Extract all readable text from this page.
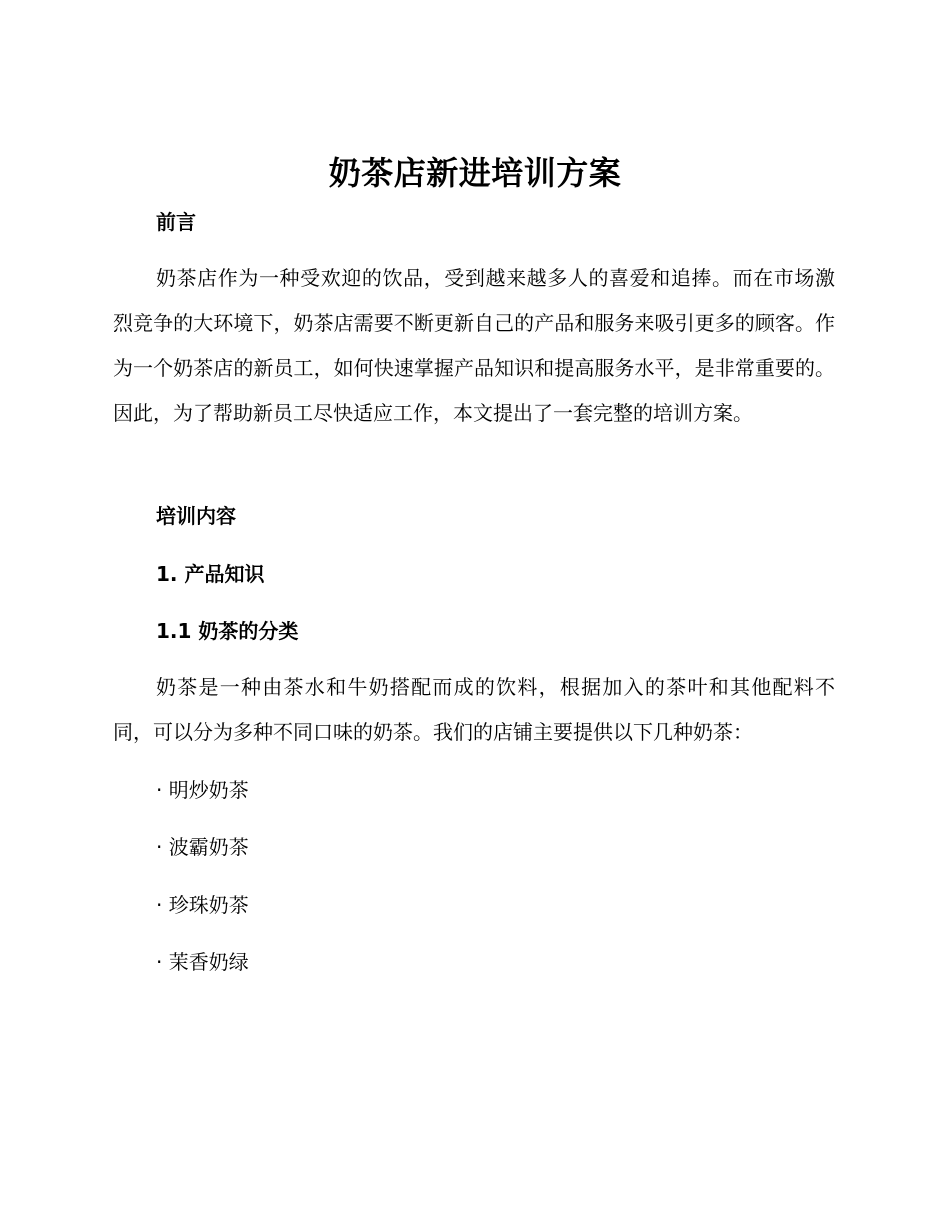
奶茶店新进培训方案
前言

奶茶店作为一种受欢迎的饮品，受到越来越多人的喜爱和追捧。而在市场激烈竞争的大环境下，奶茶店需要不断更新自己的产品和服务来吸引更多的顾客。作为一个奶茶店的新员工，如何快速掌握产品知识和提高服务水平，是非常重要的。因此，为了帮助新员工尽快适应工作，本文提出了一套完整的培训方案。

培训内容
1. 产品知识
1.1 奶茶的分类

奶茶是一种由茶水和牛奶搭配而成的饮料，根据加入的茶叶和其他配料不同，可以分为多种不同口味的奶茶。我们的店铺主要提供以下几种奶茶：

· 明炒奶茶
· 波霸奶茶
· 珍珠奶茶
· 茉香奶绿
